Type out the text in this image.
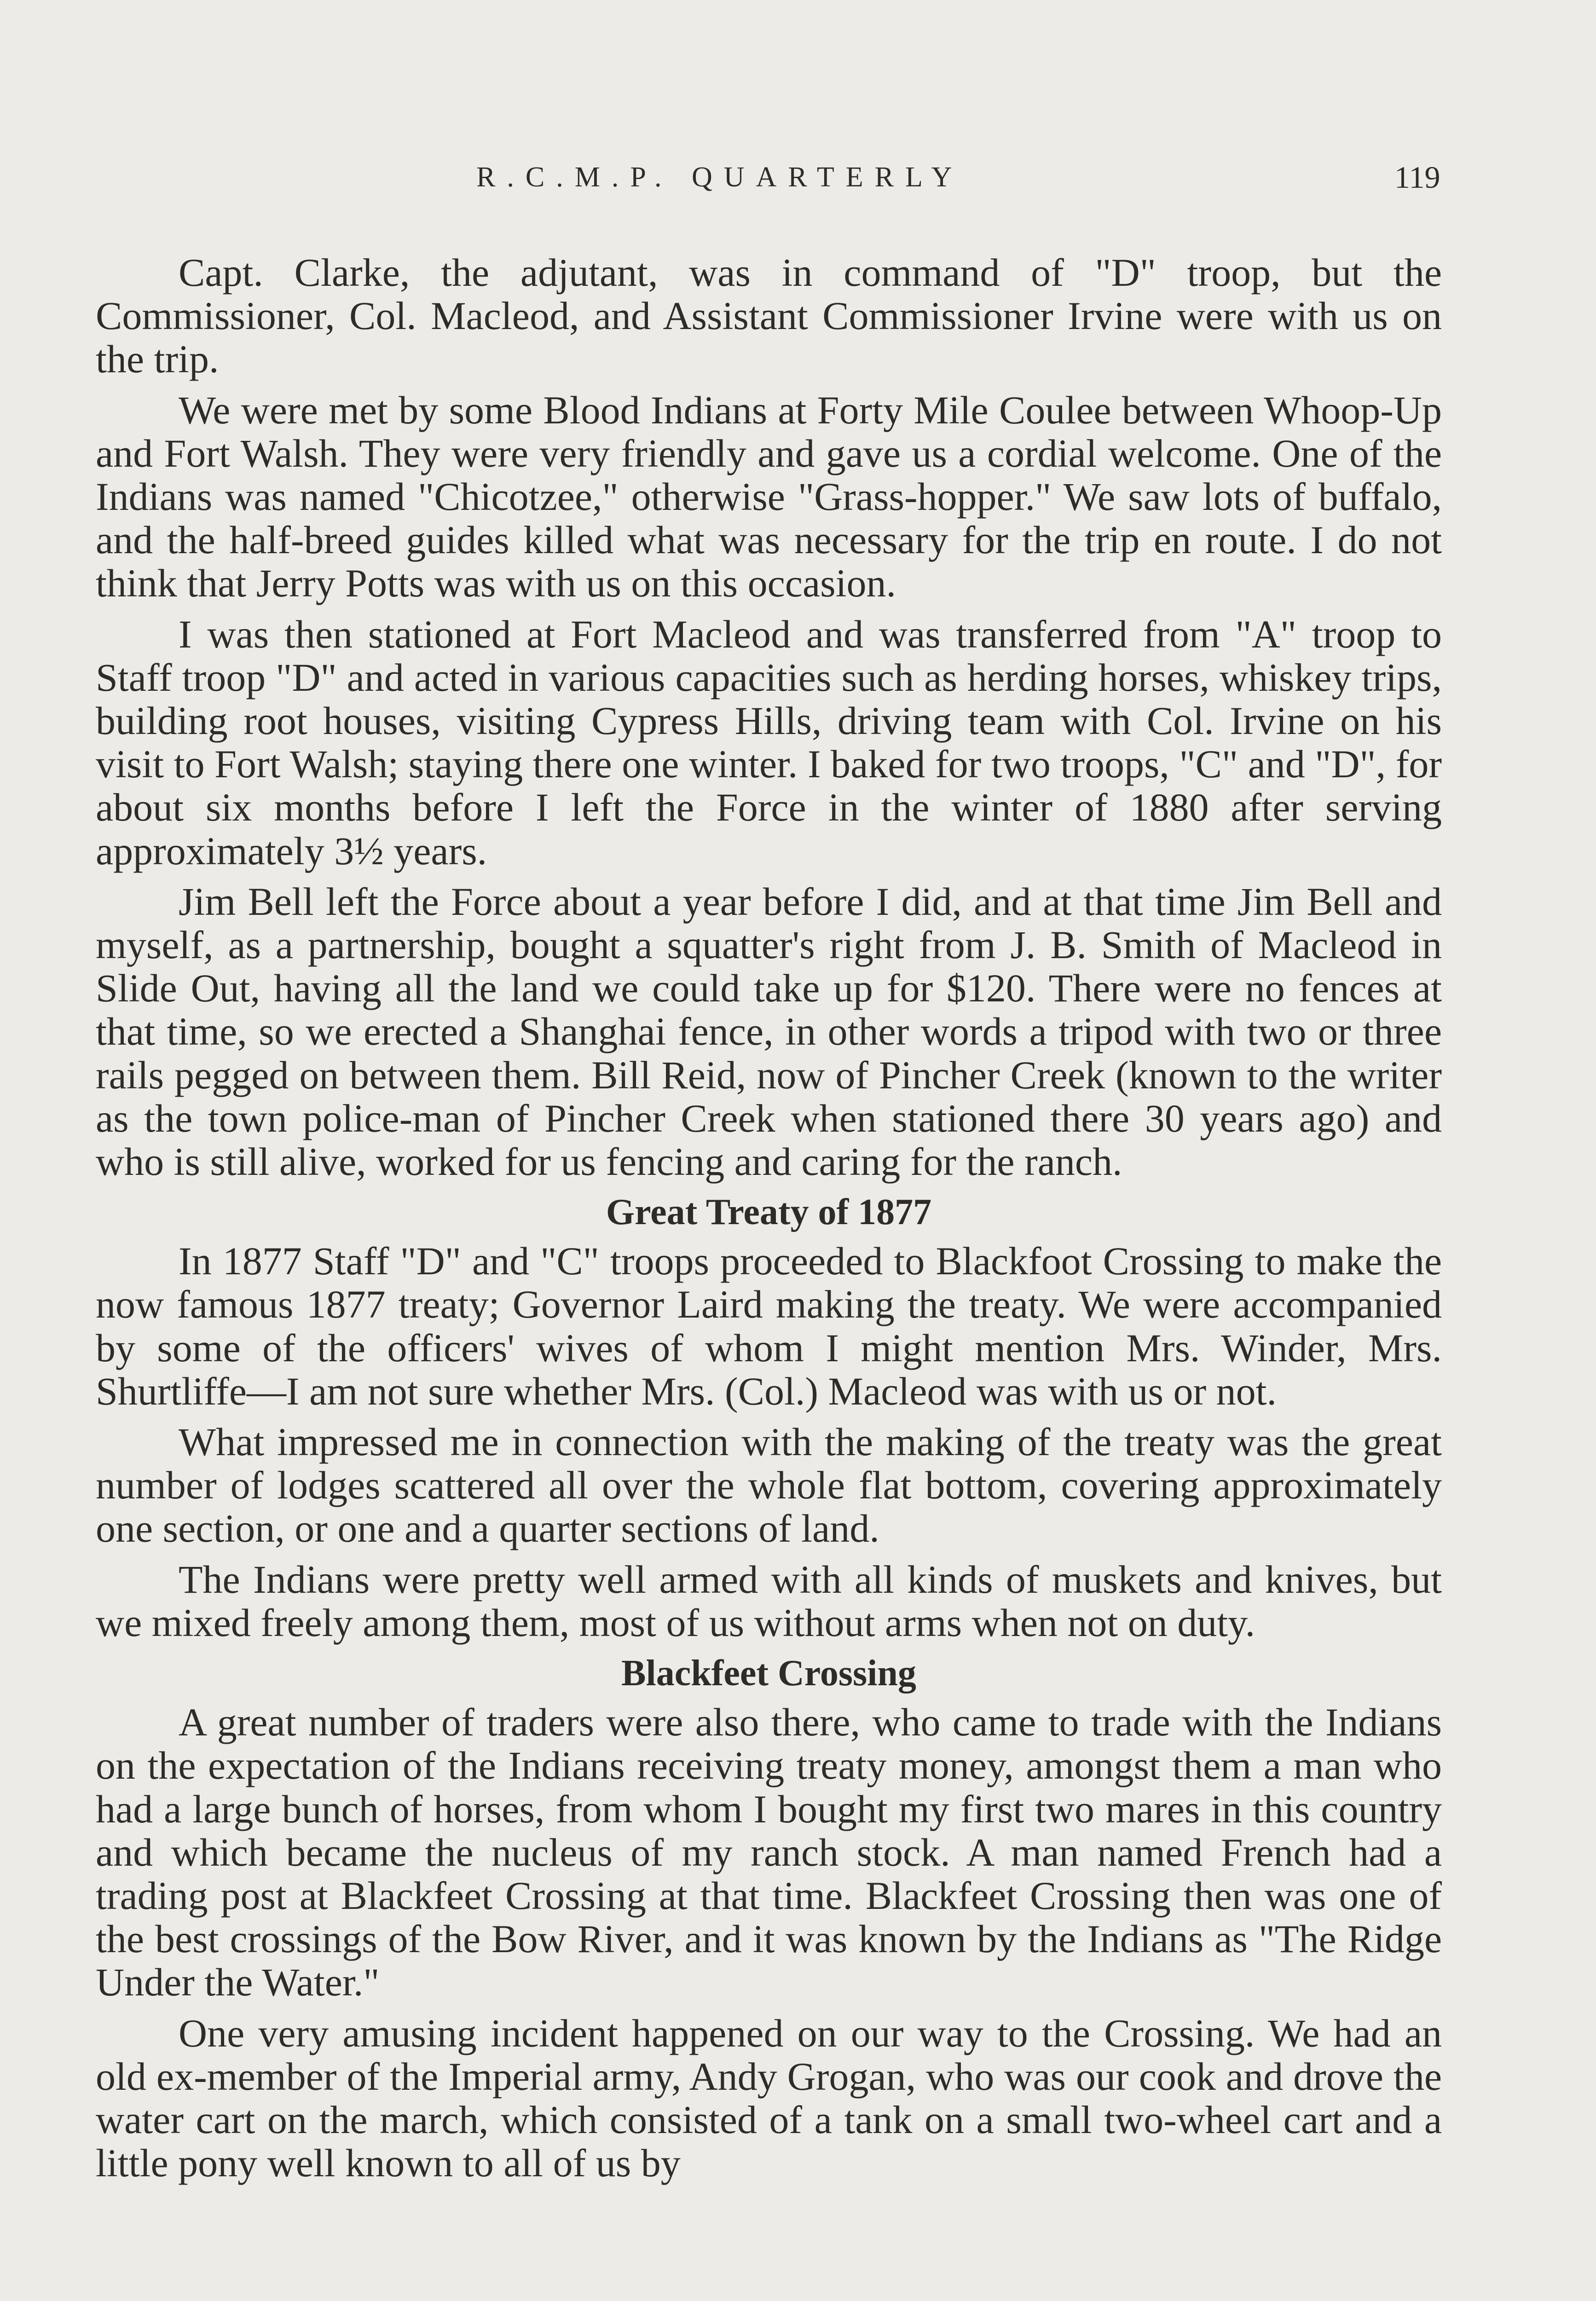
R.C.M.P. QUARTERLY	119

Capt. Clarke, the adjutant, was in command of "D" troop, but the Commissioner, Col. Macleod, and Assistant Commissioner Irvine were with us on the trip.

We were met by some Blood Indians at Forty Mile Coulee between Whoop-Up and Fort Walsh. They were very friendly and gave us a cordial welcome. One of the Indians was named "Chicotzee," otherwise "Grass-hopper." We saw lots of buffalo, and the half-breed guides killed what was necessary for the trip en route. I do not think that Jerry Potts was with us on this occasion.

I was then stationed at Fort Macleod and was transferred from "A" troop to Staff troop "D" and acted in various capacities such as herding horses, whiskey trips, building root houses, visiting Cypress Hills, driving team with Col. Irvine on his visit to Fort Walsh; staying there one winter. I baked for two troops, "C" and "D", for about six months before I left the Force in the winter of 1880 after serving approximately 3½ years.

Jim Bell left the Force about a year before I did, and at that time Jim Bell and myself, as a partnership, bought a squatter's right from J. B. Smith of Macleod in Slide Out, having all the land we could take up for $120. There were no fences at that time, so we erected a Shanghai fence, in other words a tripod with two or three rails pegged on between them. Bill Reid, now of Pincher Creek (known to the writer as the town police-man of Pincher Creek when stationed there 30 years ago) and who is still alive, worked for us fencing and caring for the ranch.

Great Treaty of 1877

In 1877 Staff "D" and "C" troops proceeded to Blackfoot Crossing to make the now famous 1877 treaty; Governor Laird making the treaty. We were accompanied by some of the officers' wives of whom I might mention Mrs. Winder, Mrs. Shurtliffe—I am not sure whether Mrs. (Col.) Macleod was with us or not.

What impressed me in connection with the making of the treaty was the great number of lodges scattered all over the whole flat bottom, covering approximately one section, or one and a quarter sections of land.

The Indians were pretty well armed with all kinds of muskets and knives, but we mixed freely among them, most of us without arms when not on duty.

Blackfeet Crossing

A great number of traders were also there, who came to trade with the Indians on the expectation of the Indians receiving treaty money, amongst them a man who had a large bunch of horses, from whom I bought my first two mares in this country and which became the nucleus of my ranch stock. A man named French had a trading post at Blackfeet Crossing at that time. Blackfeet Crossing then was one of the best crossings of the Bow River, and it was known by the Indians as "The Ridge Under the Water."

One very amusing incident happened on our way to the Crossing. We had an old ex-member of the Imperial army, Andy Grogan, who was our cook and drove the water cart on the march, which consisted of a tank on a small two-wheel cart and a little pony well known to all of us by
